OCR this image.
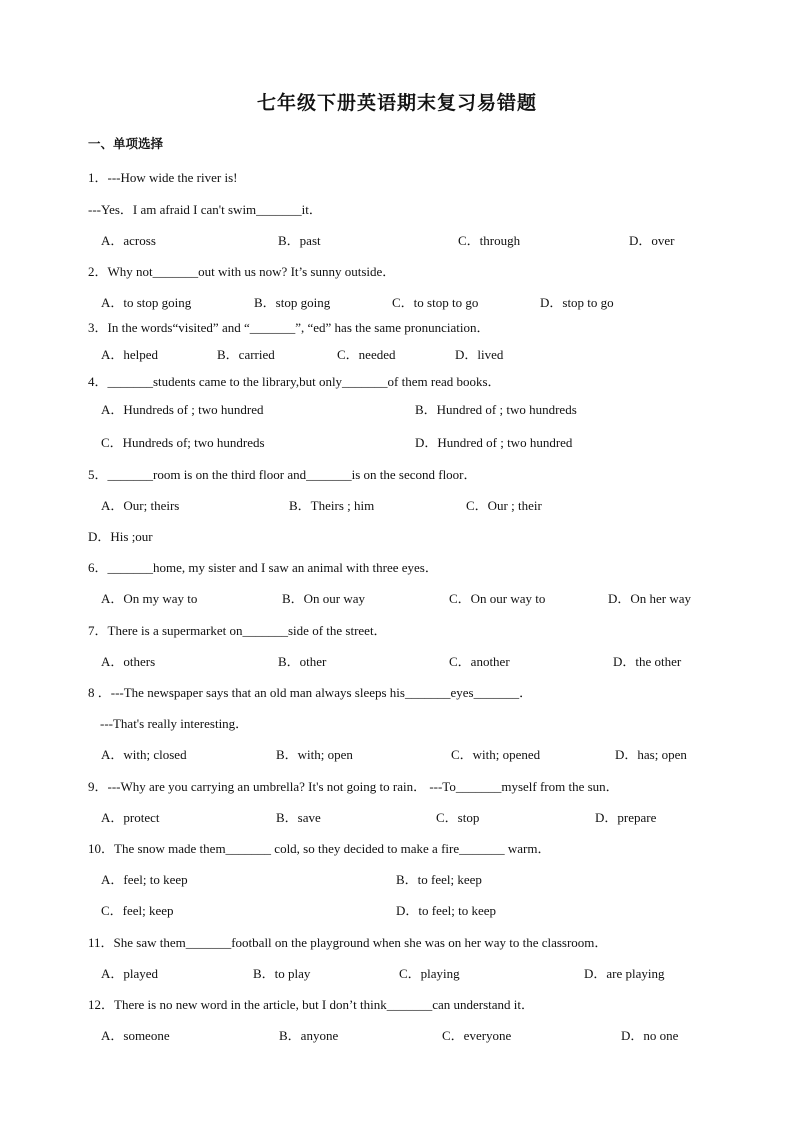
七年级下册英语期末复习易错题
一、单项选择
1．---How wide the river is!
---Yes．I am afraid I can't swim_______it．
A．across	B．past	C．through	D．over
2．Why not_______out with us now? It’s sunny outside．
A．to stop going	B．stop going	C．to stop to go	D．stop to go
3．In the words“visited” and “_______”, “ed” has the same pronunciation．
A．helped	B．carried	C．needed	D．lived
4．_______students came to the library,but only_______of them read books．
A．Hundreds of ; two hundred	B．Hundred of ; two hundreds
C．Hundreds of; two hundreds	D．Hundred of ; two hundred
5．_______room is on the third floor and_______is on the second floor．
A．Our; theirs	B．Theirs ; him	C．Our ; their
D．His ;our
6．_______home, my sister and I saw an animal with three eyes．
A．On my way to	B．On our way	C．On our way to	D．On her way
7．There is a supermarket on_______side of the street．
A．others	B．other	C．another	D．the other
8 ．---The newspaper says that an old man always sleeps his_______eyes_______．
---That's really interesting．
A．with; closed	B．with; open	C．with; opened	D．has; open
9．---Why are you carrying an umbrella? It's not going to rain． ---To_______myself from the sun．
A．protect	B．save	C．stop	D．prepare
10．The snow made them_______ cold, so they decided to make a fire_______ warm．
A．feel; to keep	B．to feel; keep
C．feel; keep	D．to feel; to keep
11．She saw them_______football on the playground when she was on her way to the classroom．
A．played	B．to play	C．playing	D．are playing
12．There is no new word in the article, but I don’t think_______can understand it．
A．someone	B．anyone	C．everyone	D．no one
